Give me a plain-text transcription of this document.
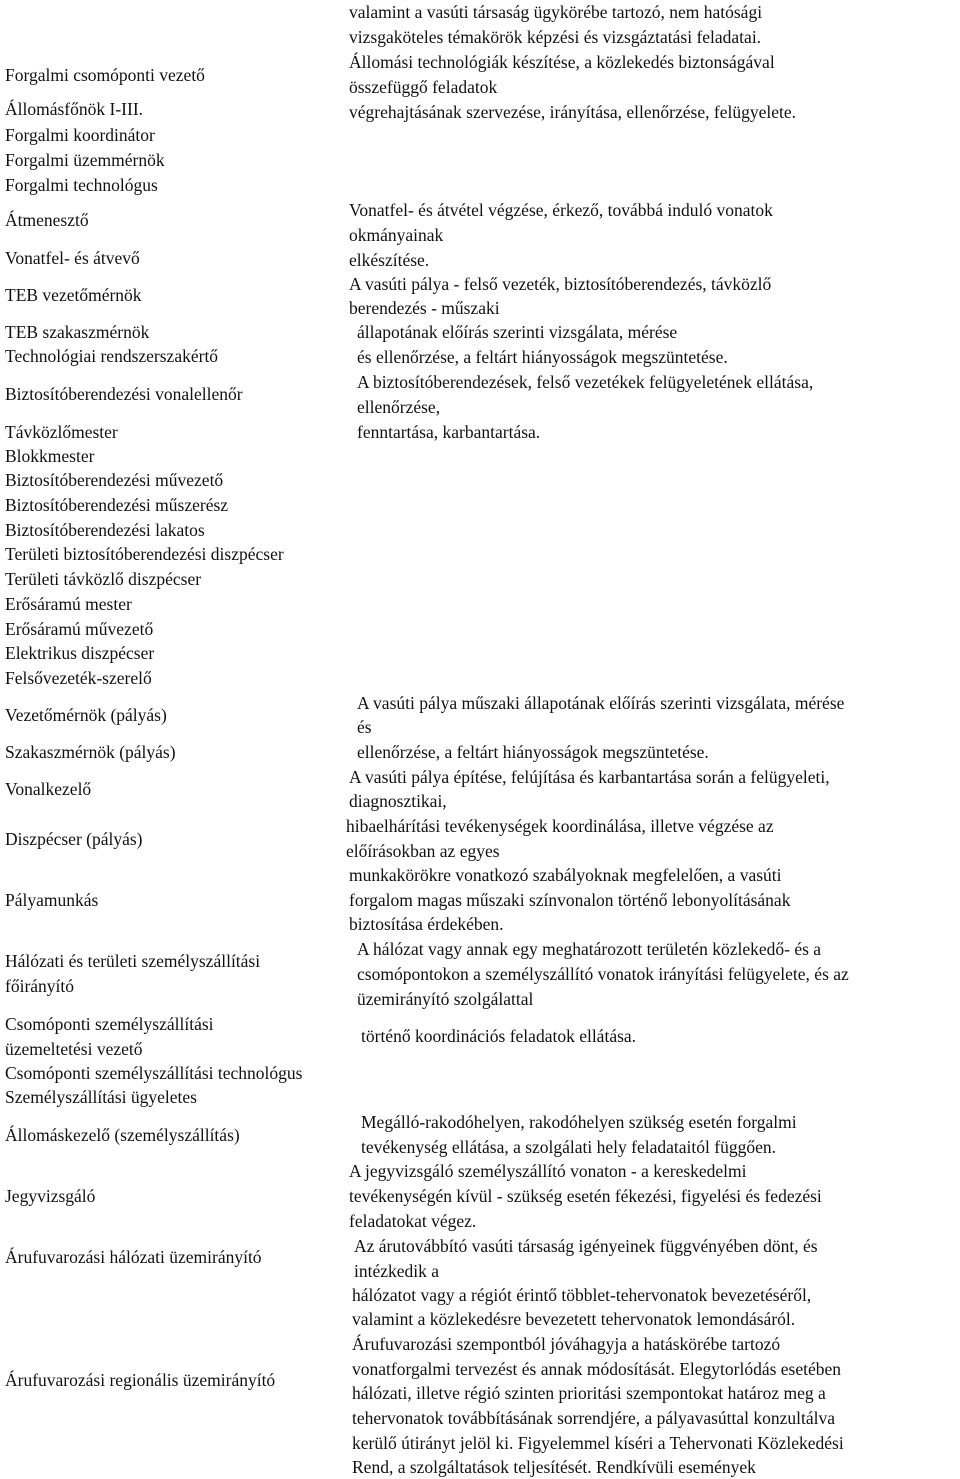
Forgalmi csomóponti vezető
Állomásfőnök I-III.
Forgalmi koordinátor
Forgalmi üzemmérnök
Forgalmi technológus
Átmenesztő
Vonatfel- és átvevő
TEB vezetőmérnök
TEB szakaszmérnök
Technológiai rendszerszakértő
Biztosítóberendezési vonalellenőr
Távközlőmester
Blokkmester
Biztosítóberendezési művezető
Biztosítóberendezési műszerész
Biztosítóberendezési lakatos
Területi biztosítóberendezési diszpécser
Területi távközlő diszpécser
Erősáramú mester
Erősáramú művezető
Elektrikus diszpécser
Felsővezeték-szerelő
Vezetőmérnök (pályás)
Szakaszmérnök (pályás)
Vonalkezelő
Diszpécser (pályás)
Pályamunkás
Hálózati és területi személyszállítási
főirányító
Csomóponti személyszállítási
üzemeltetési vezető
Csomóponti személyszállítási technológus
Személyszállítási ügyeletes
Állomáskezelő (személyszállítás)
Jegyvizsgáló
Árufuvarozási hálózati üzemirányító
Árufuvarozási regionális üzemirányító
valamint a vasúti társaság ügykörébe tartozó, nem hatósági
vizsgaköteles témakörök képzési és vizsgáztatási feladatai.
Állomási technológiák készítése, a közlekedés biztonságával
összefüggő feladatok
végrehajtásának szervezése, irányítása, ellenőrzése, felügyelete.
Vonatfel- és átvétel végzése, érkező, továbbá induló vonatok
okmányainak
elkészítése.
A vasúti pálya - felső vezeték, biztosítóberendezés, távközlő
berendezés - műszaki
állapotának előírás szerinti vizsgálata, mérése
és ellenőrzése, a feltárt hiányosságok megszüntetése.
A biztosítóberendezések, felső vezetékek felügyeletének ellátása,
ellenőrzése,
fenntartása, karbantartása.
A vasúti pálya műszaki állapotának előírás szerinti vizsgálata, mérése
és
ellenőrzése, a feltárt hiányosságok megszüntetése.
A vasúti pálya építése, felújítása és karbantartása során a felügyeleti,
diagnosztikai,
hibaelhárítási tevékenységek koordinálása, illetve végzése az
előírásokban az egyes
munkakörökre vonatkozó szabályoknak megfelelően, a vasúti
forgalom magas műszaki színvonalon történő lebonyolításának
biztosítása érdekében.
A hálózat vagy annak egy meghatározott területén közlekedő- és a
csomópontokon a személyszállító vonatok irányítási felügyelete, és az
üzemirányító szolgálattal
történő koordinációs feladatok ellátása.
Megálló-rakodóhelyen, rakodóhelyen szükség esetén forgalmi
tevékenység ellátása, a szolgálati hely feladataitól függően.
A jegyvizsgáló személyszállító vonaton - a kereskedelmi
tevékenységén kívül - szükség esetén fékezési, figyelési és fedezési
feladatokat végez.
Az árutovábbító vasúti társaság igényeinek függvényében dönt, és
intézkedik a
hálózatot vagy a régiót érintő többlet-tehervonatok bevezetéséről,
valamint a közlekedésre bevezetett tehervonatok lemondásáról.
Árufuvarozási szempontból jóváhagyja a hatáskörébe tartozó
vonatforgalmi tervezést és annak módosítását. Elegytorlódás esetében
hálózati, illetve régió szinten prioritási szempontokat határoz meg a
tehervonatok továbbításának sorrendjére, a pályavasúttal konzultálva
kerülő útirányt jelöl ki. Figyelemmel kíséri a Tehervonati Közlekedési
Rend, a szolgáltatások teljesítését. Rendkívüli események
